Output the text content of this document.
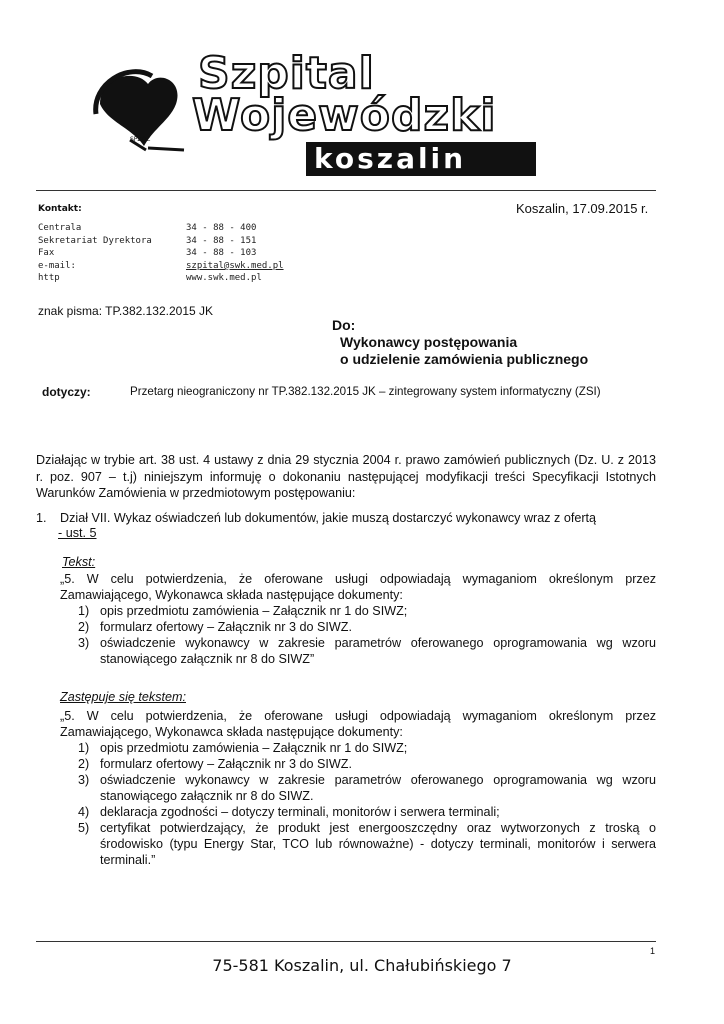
SPZOZ
Szpital
Wojewódzki
koszalin
Kontakt:
Centrala
Sekretariat Dyrektora
Fax
e-mail:
http
34 - 88 - 400
34 - 88 - 151
34 - 88 - 103
szpital@swk.med.pl
www.swk.med.pl
Koszalin, 17.09.2015 r.
znak pisma: TP.382.132.2015 JK
Do:
Wykonawcy postępowania
o udzielenie zamówienia publicznego
dotyczy:	Przetarg nieograniczony nr TP.382.132.2015 JK – zintegrowany system informatyczny (ZSI)
Działając w trybie art. 38 ust. 4 ustawy z dnia 29 stycznia 2004 r. prawo zamówień publicznych (Dz. U. z 2013 r. poz. 907 – t.j) niniejszym informuję o dokonaniu następującej modyfikacji treści Specyfikacji Istotnych Warunków Zamówienia w przedmiotowym postępowaniu:
1. Dział VII. Wykaz oświadczeń lub dokumentów, jakie muszą dostarczyć wykonawcy wraz z ofertą
- ust. 5
Tekst:
„5. W celu potwierdzenia, że oferowane usługi odpowiadają wymaganiom określonym przez Zamawiającego, Wykonawca składa następujące dokumenty:
1) opis przedmiotu zamówienia – Załącznik nr 1 do SIWZ;
2) formularz ofertowy – Załącznik nr 3 do SIWZ.
3) oświadczenie wykonawcy w zakresie parametrów oferowanego oprogramowania wg wzoru stanowiącego załącznik nr 8 do SIWZ”
Zastępuje się tekstem:
„5. W celu potwierdzenia, że oferowane usługi odpowiadają wymaganiom określonym przez Zamawiającego, Wykonawca składa następujące dokumenty:
1) opis przedmiotu zamówienia – Załącznik nr 1 do SIWZ;
2) formularz ofertowy – Załącznik nr 3 do SIWZ.
3) oświadczenie wykonawcy w zakresie parametrów oferowanego oprogramowania wg wzoru stanowiącego załącznik nr 8 do SIWZ.
4) deklaracja zgodności – dotyczy terminali, monitorów i serwera terminali;
5) certyfikat potwierdzający, że produkt jest energooszczędny oraz wytworzonych z troską o środowisko (typu Energy Star, TCO lub równoważne) - dotyczy terminali, monitorów i serwera terminali.”
1
75-581 Koszalin, ul. Chałubińskiego 7
